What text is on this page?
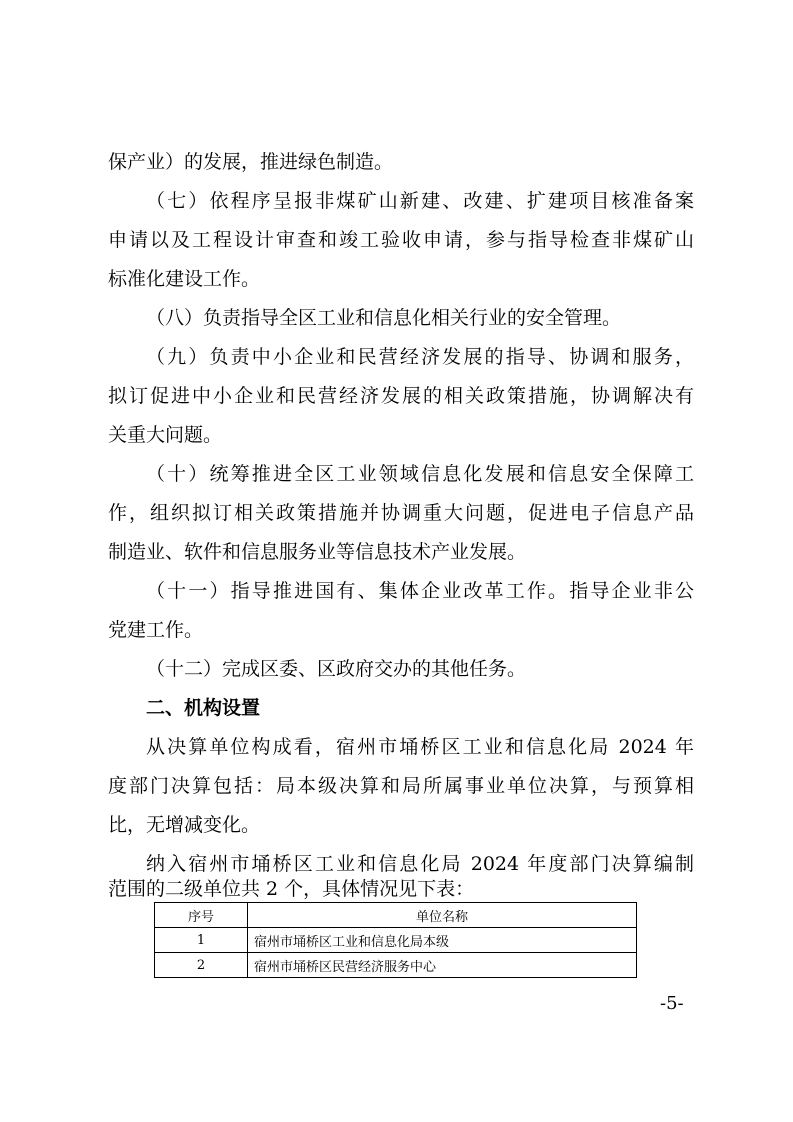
保产业）的发展，推进绿色制造。
（七）依程序呈报非煤矿山新建、改建、扩建项目核准备案
申请以及工程设计审查和竣工验收申请，参与指导检查非煤矿山
标准化建设工作。
（八）负责指导全区工业和信息化相关行业的安全管理。
（九）负责中小企业和民营经济发展的指导、协调和服务，
拟订促进中小企业和民营经济发展的相关政策措施，协调解决有
关重大问题。
（十）统筹推进全区工业领域信息化发展和信息安全保障工
作，组织拟订相关政策措施并协调重大问题，促进电子信息产品
制造业、软件和信息服务业等信息技术产业发展。
（十一）指导推进国有、集体企业改革工作。指导企业非公
党建工作。
（十二）完成区委、区政府交办的其他任务。
二、机构设置
从决算单位构成看，宿州市埇桥区工业和信息化局 2024 年
度部门决算包括：局本级决算和局所属事业单位决算，与预算相
比，无增减变化。
纳入宿州市埇桥区工业和信息化局 2024 年度部门决算编制
范围的二级单位共 2 个，具体情况见下表：
序号	单位名称
1	宿州市埇桥区工业和信息化局本级
2	宿州市埇桥区民营经济服务中心
-5-
